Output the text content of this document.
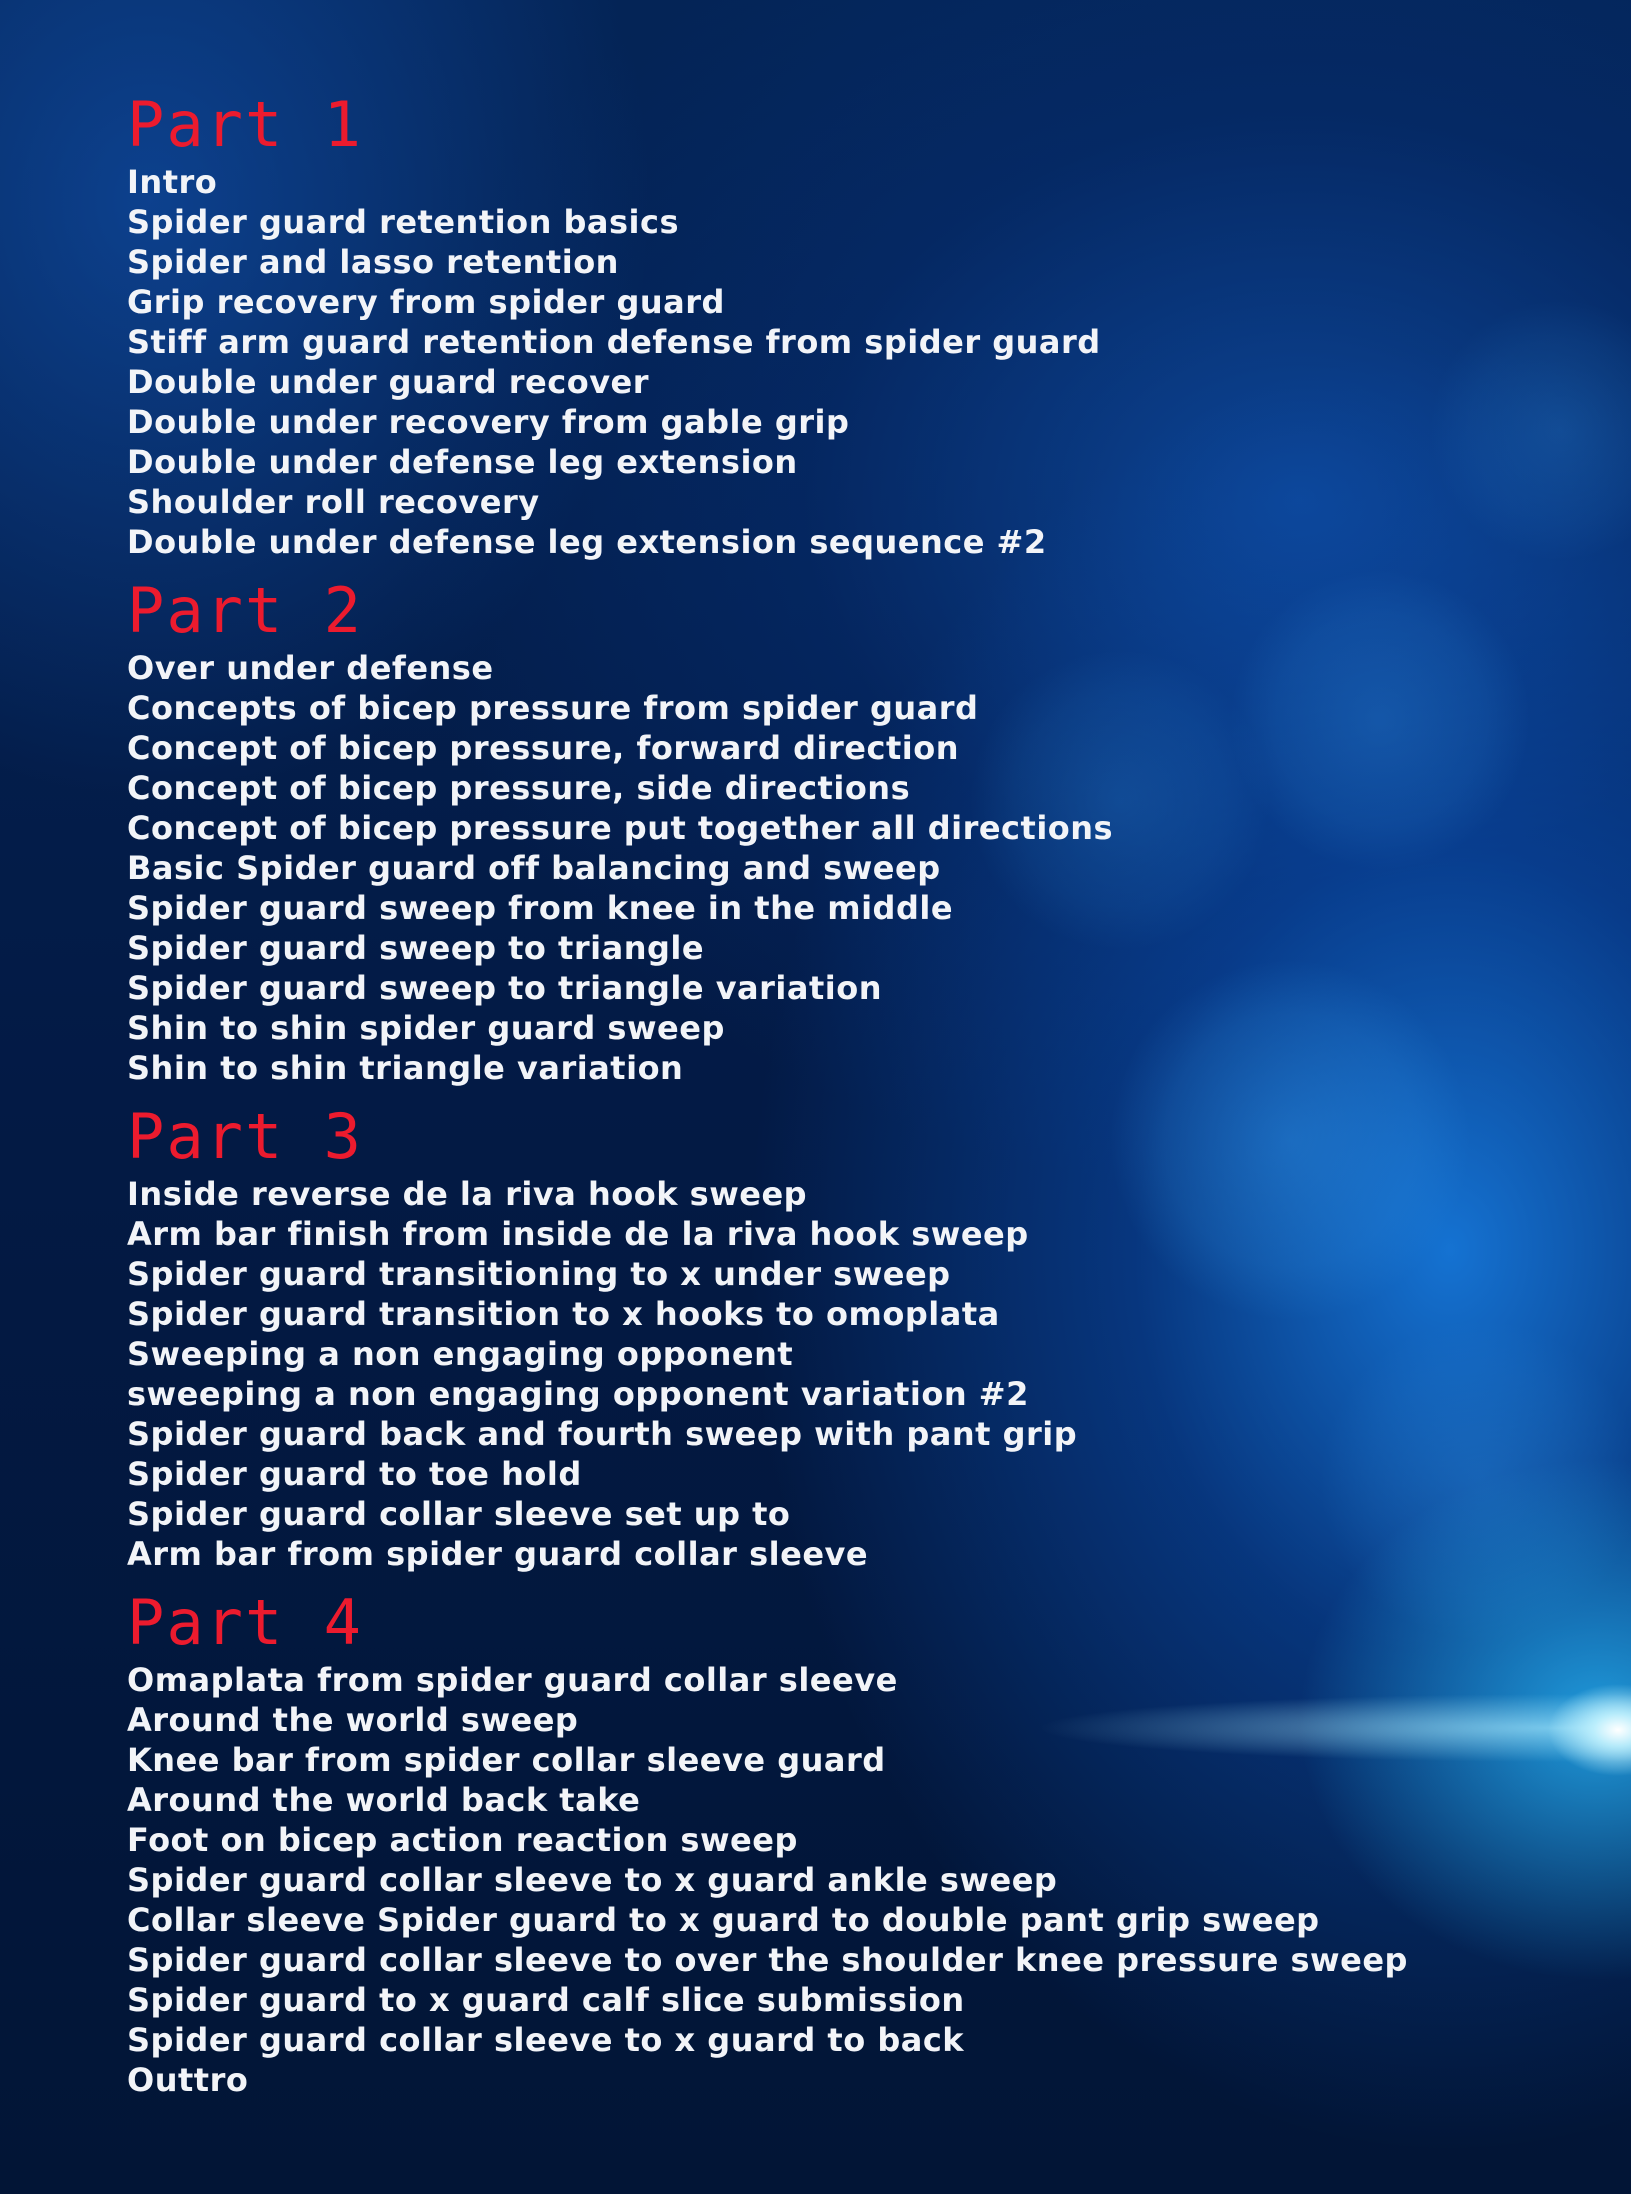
Part 1
Intro
Spider guard retention basics
Spider and lasso retention
Grip recovery from spider guard
Stiff arm guard retention defense from spider guard
Double under guard recover
Double under recovery from gable grip
Double under defense leg extension
Shoulder roll recovery
Double under defense leg extension sequence #2
Part 2
Over under defense
Concepts of bicep pressure from spider guard
Concept of bicep pressure, forward direction
Concept of bicep pressure, side directions
Concept of bicep pressure put together all directions
Basic Spider guard off balancing and sweep
Spider guard sweep from knee in the middle
Spider guard sweep to triangle
Spider guard sweep to triangle variation
Shin to shin spider guard sweep
Shin to shin triangle variation
Part 3
Inside reverse de la riva hook sweep
Arm bar finish from inside de la riva hook sweep
Spider guard transitioning to x under sweep
Spider guard transition to x hooks to omoplata
Sweeping a non engaging opponent
sweeping a non engaging opponent variation #2
Spider guard back and fourth sweep with pant grip
Spider guard to toe hold
Spider guard collar sleeve set up to
Arm bar from spider guard collar sleeve
Part 4
Omaplata from spider guard collar sleeve
Around the world sweep
Knee bar from spider collar sleeve guard
Around the world back take
Foot on bicep action reaction sweep
Spider guard collar sleeve to x guard ankle sweep
Collar sleeve Spider guard to x guard to double pant grip sweep
Spider guard collar sleeve to over the shoulder knee pressure sweep
Spider guard to x guard calf slice submission
Spider guard collar sleeve to x guard to back
Outtro
